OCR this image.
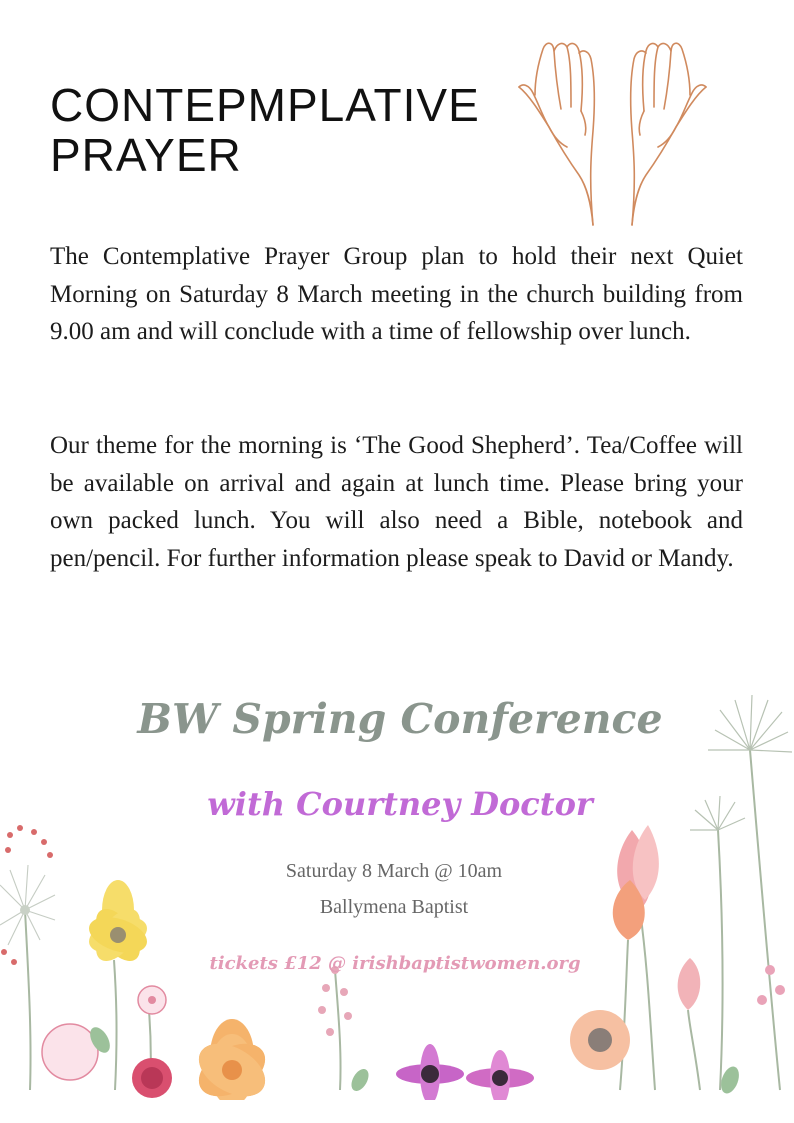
CONTEPMPLATIVE
PRAYER

The Contemplative Prayer Group plan to hold their next Quiet Morning on Saturday 8 March meeting in the church building from 9.00 am and will conclude with a time of fellowship over lunch.

Our theme for the morning is ‘The Good Shepherd’. Tea/Coffee will be available on arrival and again at lunch time. Please bring your own packed lunch. You will also need a Bible, notebook and pen/pencil. For further information please speak to David or Mandy.

BW Spring Conference
with Courtney Doctor
Saturday 8 March @ 10am
Ballymena Baptist
tickets £12 @ irishbaptistwomen.org
